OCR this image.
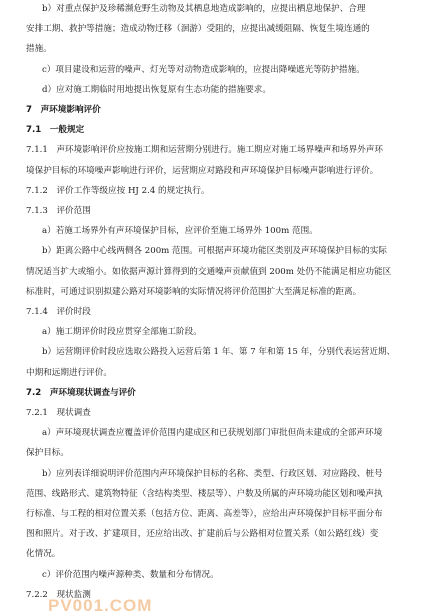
b）对重点保护及珍稀濒危野生动物及其栖息地造成影响的，应提出栖息地保护、合理
安排工期、救护等措施；造成动物迁移（洄游）受阻的，应提出减缓阻隔、恢复生境连通的
措施。
c）项目建设和运营的噪声、灯光等对动物造成影响的，应提出降噪遮光等防护措施。
d）应对施工期临时用地提出恢复原有生态功能的措施要求。
7　声环境影响评价
7.1　一般规定
7.1.1　声环境影响评价应按施工期和运营期分别进行。施工期应对施工场界噪声和场界外声环
境保护目标的环境噪声影响进行评价，运营期应对路段和声环境保护目标噪声影响进行评价。
7.1.2　评价工作等级应按 HJ 2.4 的规定执行。
7.1.3　评价范围
a）若施工场界外有声环境保护目标，应评价至施工场界外 100m 范围。
b）距离公路中心线两侧各 200m 范围。可根据声环境功能区类别及声环境保护目标的实际
情况适当扩大或缩小。如依据声源计算得到的交通噪声贡献值到 200m 处仍不能满足相应功能区
标准时，可通过识别拟建公路对环境影响的实际情况将评价范围扩大至满足标准的距离。
7.1.4　评价时段
a）施工期评价时段应贯穿全部施工阶段。
b）运营期评价时段应选取公路投入运营后第 1 年、第 7 年和第 15 年，分别代表运营近期、
中期和远期进行评价。
7.2　声环境现状调查与评价
7.2.1　现状调查
a）声环境现状调查应覆盖评价范围内建成区和已获规划部门审批但尚未建成的全部声环境
保护目标。
b）应列表详细说明评价范围内声环境保护目标的名称、类型、行政区划、对应路段、桩号
范围、线路形式、建筑物特征（含结构类型、楼层等）、户数及所属的声环境功能区划和噪声执
行标准、与工程的相对位置关系（包括方位、距离、高差等），应给出声环境保护目标平面分布
图和照片。对于改、扩建项目，还应给出改、扩建前后与公路相对位置关系（如公路红线）变
化情况。
c）评价范围内噪声源种类、数量和分布情况。
7.2.2　现状监测
PV001.COM
